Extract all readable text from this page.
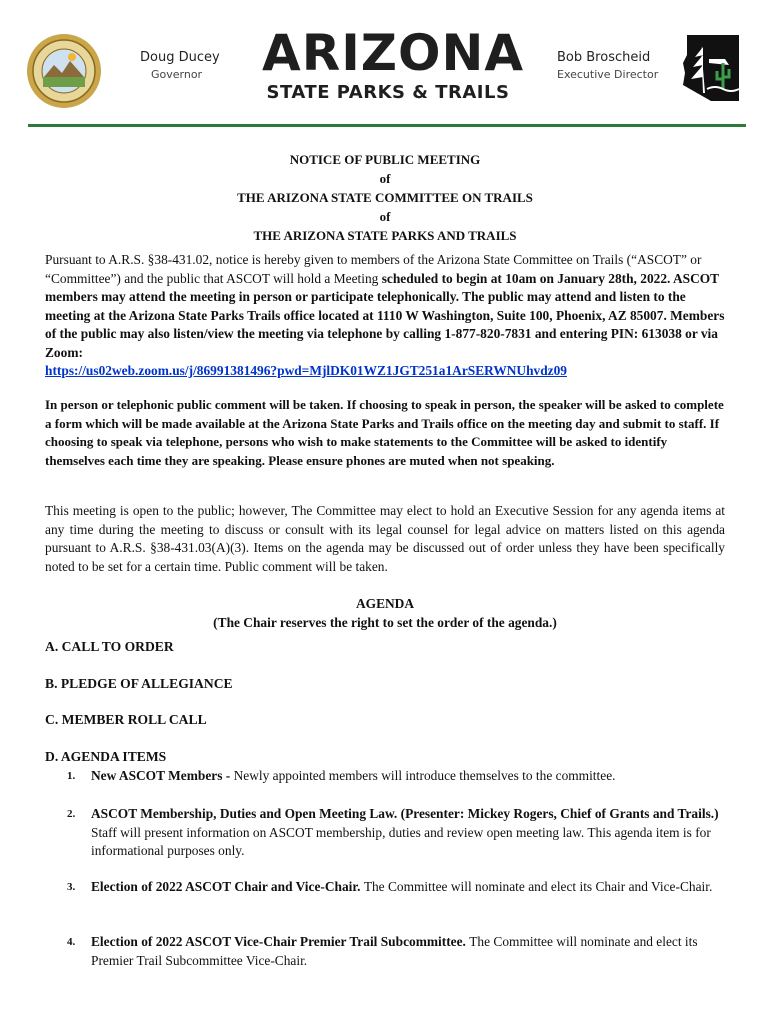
Doug Ducey
Governor	ARIZONA
STATE PARKS & TRAILS
Bob Broscheid
Executive Director
NOTICE OF PUBLIC MEETING
of
THE ARIZONA STATE COMMITTEE ON TRAILS
of
THE ARIZONA STATE PARKS AND TRAILS
Pursuant to A.R.S. §38-431.02, notice is hereby given to members of the Arizona State Committee on Trails (“ASCOT” or “Committee”) and the public that ASCOT will hold a Meeting scheduled to begin at 10am on January 28th, 2022. ASCOT members may attend the meeting in person or participate telephonically. The public may attend and listen to the meeting at the Arizona State Parks Trails office located at 1110 W Washington, Suite 100, Phoenix, AZ 85007. Members of the public may also listen/view the meeting via telephone by calling 1-877-820-7831 and entering PIN: 613038 or via Zoom:
https://us02web.zoom.us/j/86991381496?pwd=MjlDK01WZ1JGT251a1ArSERWNUhvdz09
In person or telephonic public comment will be taken. If choosing to speak in person, the speaker will be asked to complete a form which will be made available at the Arizona State Parks and Trails office on the meeting day and submit to staff. If choosing to speak via telephone, persons who wish to make statements to the Committee will be asked to identify themselves each time they are speaking. Please ensure phones are muted when not speaking.
This meeting is open to the public; however, The Committee may elect to hold an Executive Session for any agenda items at any time during the meeting to discuss or consult with its legal counsel for legal advice on matters listed on this agenda pursuant to A.R.S. §38-431.03(A)(3). Items on the agenda may be discussed out of order unless they have been specifically noted to be set for a certain time. Public comment will be taken.
AGENDA
(The Chair reserves the right to set the order of the agenda.)
A. CALL TO ORDER
B. PLEDGE OF ALLEGIANCE
C. MEMBER ROLL CALL
D. AGENDA ITEMS
1. New ASCOT Members - Newly appointed members will introduce themselves to the committee.
2. ASCOT Membership, Duties and Open Meeting Law. (Presenter: Mickey Rogers, Chief of Grants and Trails.) Staff will present information on ASCOT membership, duties and review open meeting law. This agenda item is for informational purposes only.
3. Election of 2022 ASCOT Chair and Vice-Chair. The Committee will nominate and elect its Chair and Vice-Chair.
4. Election of 2022 ASCOT Vice-Chair Premier Trail Subcommittee. The Committee will nominate and elect its Premier Trail Subcommittee Vice-Chair.
